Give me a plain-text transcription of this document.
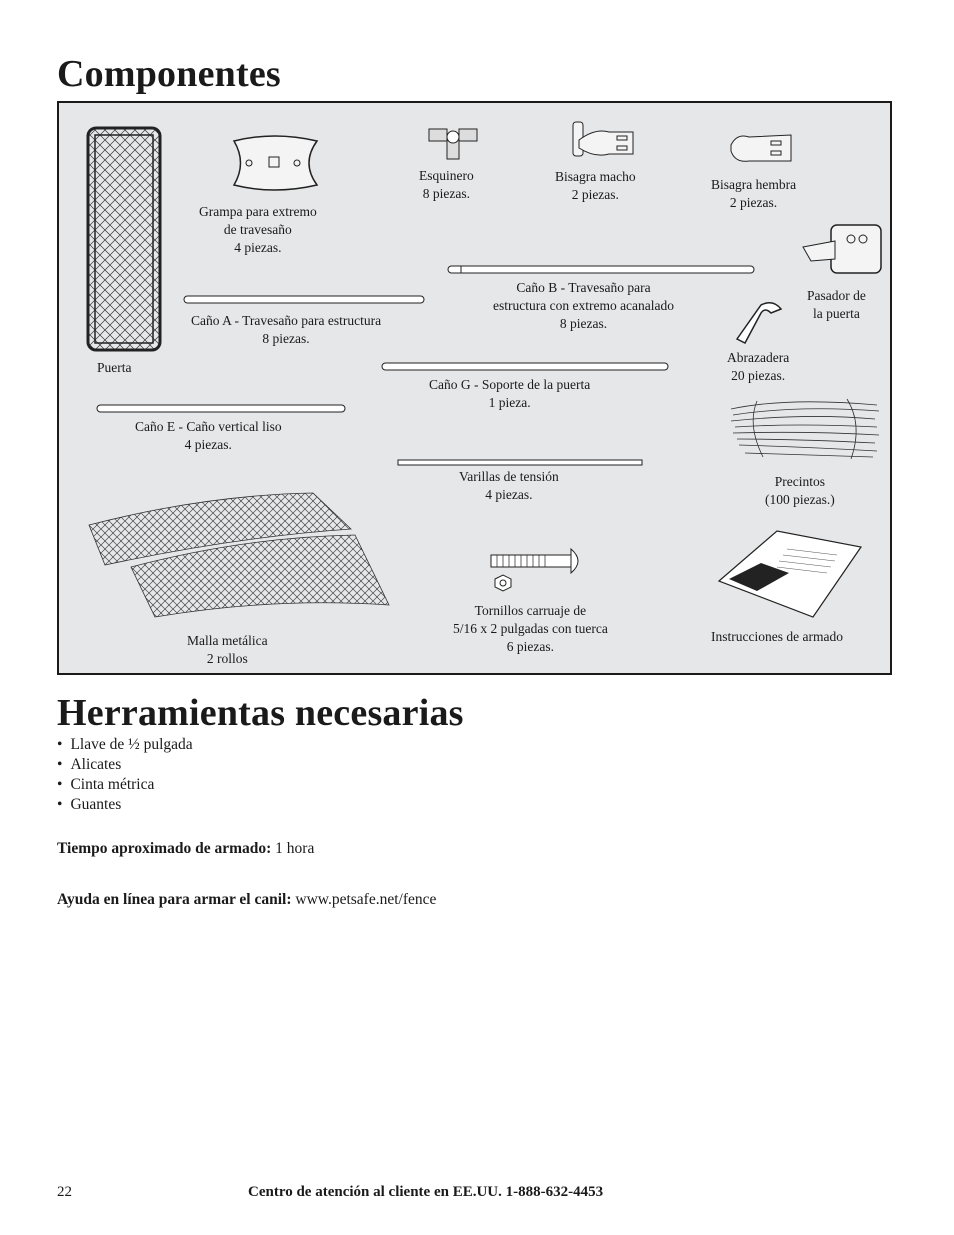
Componentes
Puerta
Grampa para extremo
de travesaño
4 piezas.
Esquinero
8 piezas.
Bisagra macho
2 piezas.
Bisagra hembra
2 piezas.
Pasador de
la puerta
Caño A - Travesaño para estructura
8 piezas.
Caño B - Travesaño para
estructura con extremo acanalado
8 piezas.
Abrazadera
20 piezas.
Caño G - Soporte de la puerta
1 pieza.
Caño E - Caño vertical liso
4 piezas.
Precintos
(100 piezas.)
Varillas de tensión
4 piezas.
Malla metálica
2 rollos
Tornillos carruaje de
5/16 x 2 pulgadas con tuerca
6 piezas.
Instrucciones de armado
Herramientas necesarias
• Llave de ½ pulgada
• Alicates
• Cinta métrica
• Guantes
Tiempo aproximado de armado: 1 hora
Ayuda en línea para armar el canil: www.petsafe.net/fence
22	Centro de atención al cliente en EE.UU. 1-888-632-4453
